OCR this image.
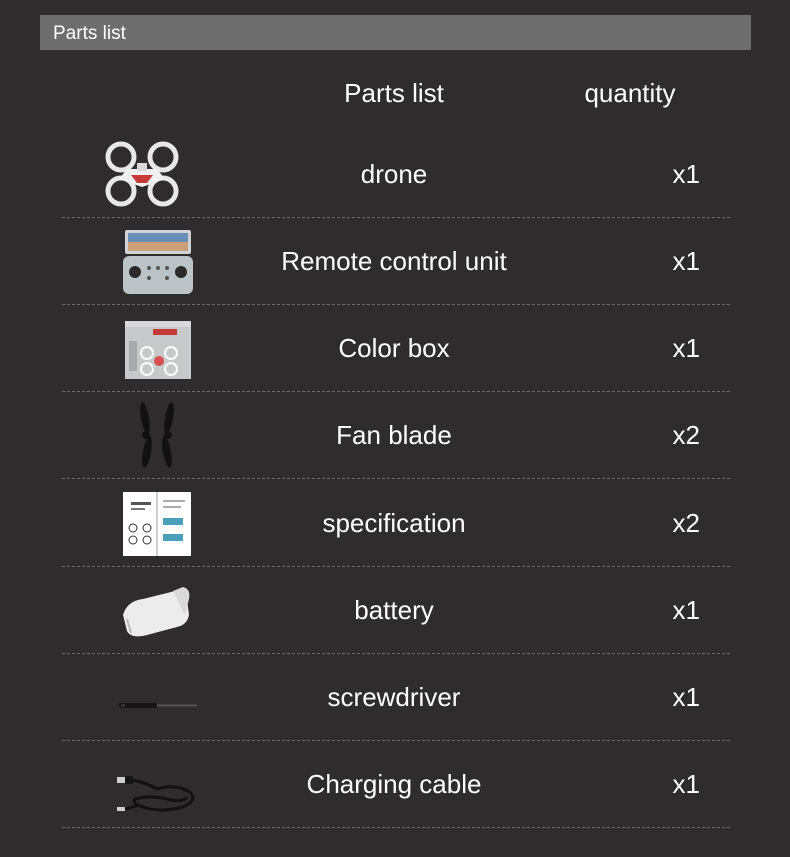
Parts list
Parts list	quantity
drone	x1
Remote control unit	x1
Color box	x1
Fan blade	x2
specification	x2
battery	x1
screwdriver	x1
Charging cable	x1
